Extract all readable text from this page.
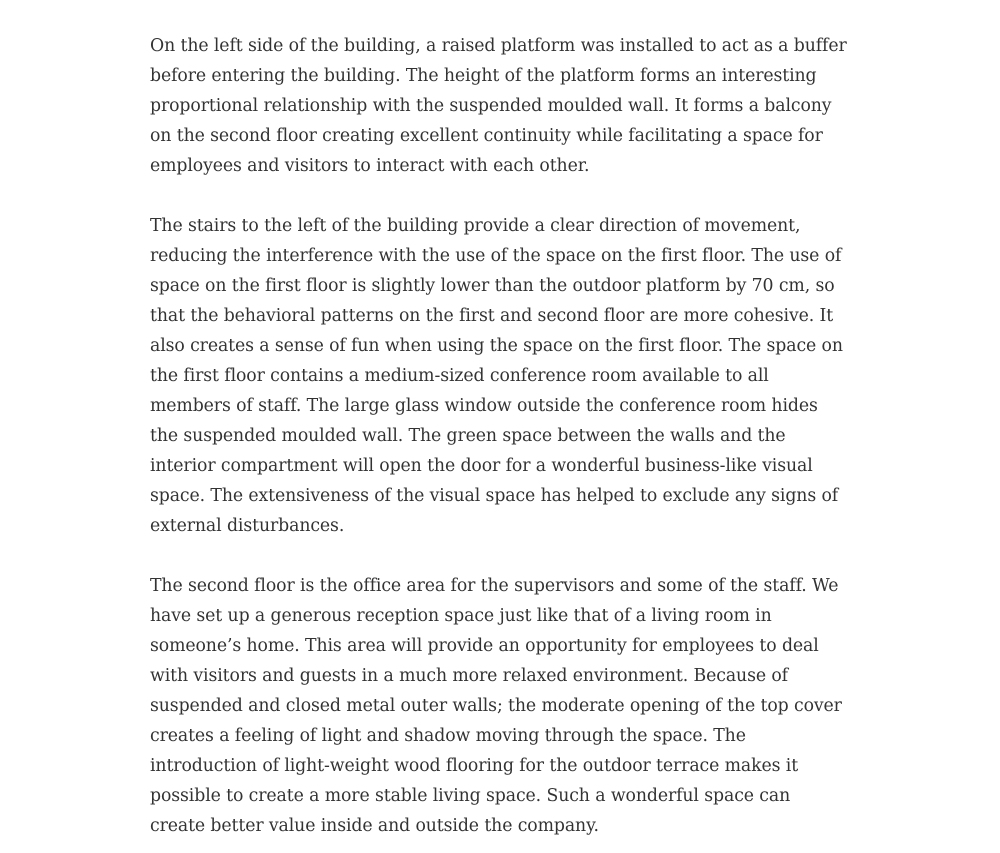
On the left side of the building, a raised platform was installed to act as a buffer before entering the building. The height of the platform forms an interesting proportional relationship with the suspended moulded wall. It forms a balcony on the second floor creating excellent continuity while facilitating a space for employees and visitors to interact with each other.

The stairs to the left of the building provide a clear direction of movement, reducing the interference with the use of the space on the first floor. The use of space on the first floor is slightly lower than the outdoor platform by 70 cm, so that the behavioral patterns on the first and second floor are more cohesive. It also creates a sense of fun when using the space on the first floor. The space on the first floor contains a medium-sized conference room available to all members of staff. The large glass window outside the conference room hides the suspended moulded wall. The green space between the walls and the interior compartment will open the door for a wonderful business-like visual space. The extensiveness of the visual space has helped to exclude any signs of external disturbances.

The second floor is the office area for the supervisors and some of the staff. We have set up a generous reception space just like that of a living room in someone’s home. This area will provide an opportunity for employees to deal with visitors and guests in a much more relaxed environment. Because of suspended and closed metal outer walls; the moderate opening of the top cover creates a feeling of light and shadow moving through the space. The introduction of light-weight wood flooring for the outdoor terrace makes it possible to create a more stable living space. Such a wonderful space can create better value inside and outside the company.
